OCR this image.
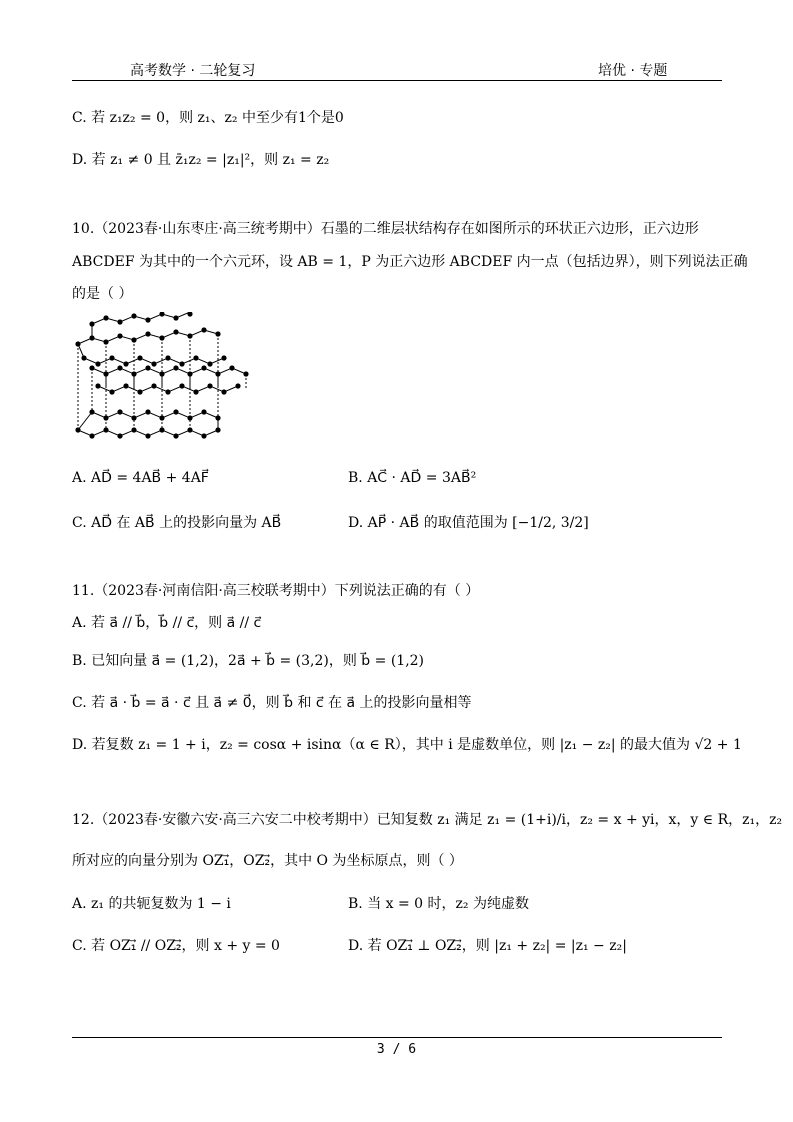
高考数学 · 二轮复习	培优 · 专题
C. 若 z₁z₂ = 0，则 z₁、z₂ 中至少有1个是0
D. 若 z₁ ≠ 0 且 z̄₁z₂ = |z₁|²，则 z₁ = z₂
10.（2023春·山东枣庄·高三统考期中）石墨的二维层状结构存在如图所示的环状正六边形，正六边形
ABCDEF 为其中的一个六元环，设 AB = 1，P 为正六边形 ABCDEF 内一点（包括边界），则下列说法正确
的是（ ）
A. AD⃗ = 4AB⃗ + 4AF⃗	B. AC⃗ · AD⃗ = 3AB⃗²
C. AD⃗ 在 AB⃗ 上的投影向量为 AB⃗	D. AP⃗ · AB⃗ 的取值范围为 [−1/2, 3/2]
11.（2023春·河南信阳·高三校联考期中）下列说法正确的有（ ）
A. 若 a⃗ // b⃗，b⃗ // c⃗，则 a⃗ // c⃗
B. 已知向量 a⃗ = (1,2)，2a⃗ + b⃗ = (3,2)，则 b⃗ = (1,2)
C. 若 a⃗ · b⃗ = a⃗ · c⃗ 且 a⃗ ≠ 0⃗，则 b⃗ 和 c⃗ 在 a⃗ 上的投影向量相等
D. 若复数 z₁ = 1 + i，z₂ = cosα + isinα（α ∈ R），其中 i 是虚数单位，则 |z₁ − z₂| 的最大值为 √2 + 1
12.（2023春·安徽六安·高三六安二中校考期中）已知复数 z₁ 满足 z₁ = (1+i)/i，z₂ = x + yi，x，y ∈ R，z₁，z₂
所对应的向量分别为 OZ₁⃗，OZ₂⃗，其中 O 为坐标原点，则（ ）
A. z₁ 的共轭复数为 1 − i	B. 当 x = 0 时，z₂ 为纯虚数
C. 若 OZ₁⃗ // OZ₂⃗，则 x + y = 0	D. 若 OZ₁⃗ ⊥ OZ₂⃗，则 |z₁ + z₂| = |z₁ − z₂|
3 / 6
